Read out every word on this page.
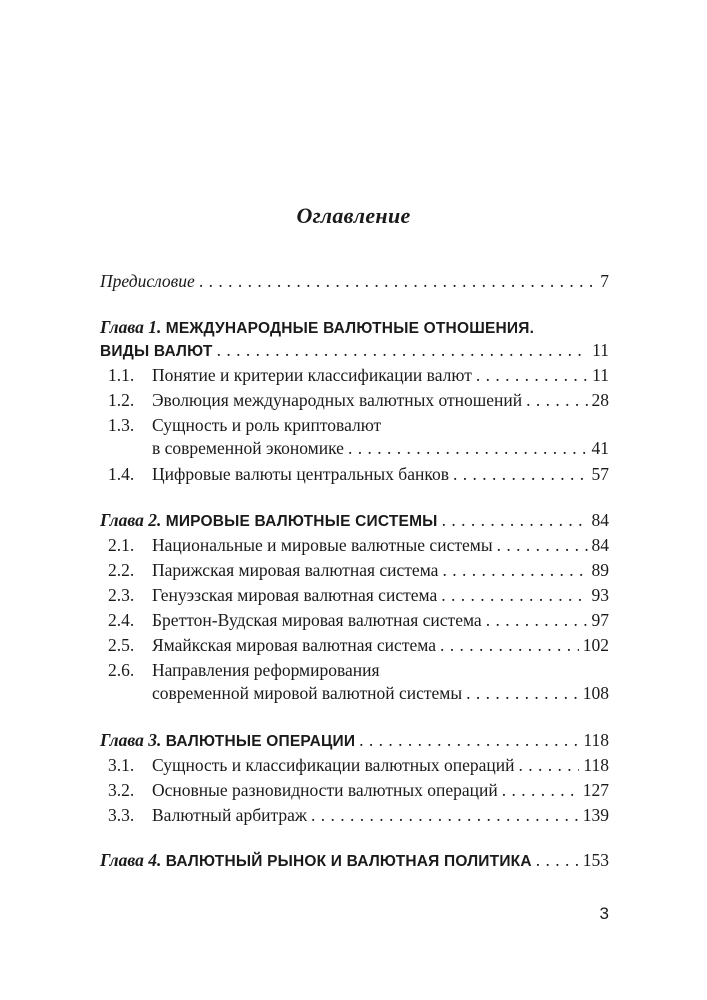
Оглавление
Предисловие . . .	7
Глава 1. МЕЖДУНАРОДНЫЕ ВАЛЮТНЫЕ ОТНОШЕНИЯ.
ВИДЫ ВАЛЮТ . . .	11
1.1.	Понятие и критерии классификации валют . . .	11
1.2.	Эволюция международных валютных отношений . . .	28
1.3.	Сущность и роль криптовалют
в современной экономике . . .	41
1.4.	Цифровые валюты центральных банков . . .	57
Глава 2. МИРОВЫЕ ВАЛЮТНЫЕ СИСТЕМЫ . . .	84
2.1.	Национальные и мировые валютные системы . . .	84
2.2.	Парижская мировая валютная система . . .	89
2.3.	Генуэзская мировая валютная система . . .	93
2.4.	Бреттон-Вудская мировая валютная система . . .	97
2.5.	Ямайкская мировая валютная система . . .	102
2.6.	Направления реформирования
современной мировой валютной системы . . .	108
Глава 3. ВАЛЮТНЫЕ ОПЕРАЦИИ . . .	118
3.1.	Сущность и классификации валютных операций . . .	118
3.2.	Основные разновидности валютных операций . . .	127
3.3.	Валютный арбитраж . . .	139
Глава 4. ВАЛЮТНЫЙ РЫНОК И ВАЛЮТНАЯ ПОЛИТИКА . . .	153
3
